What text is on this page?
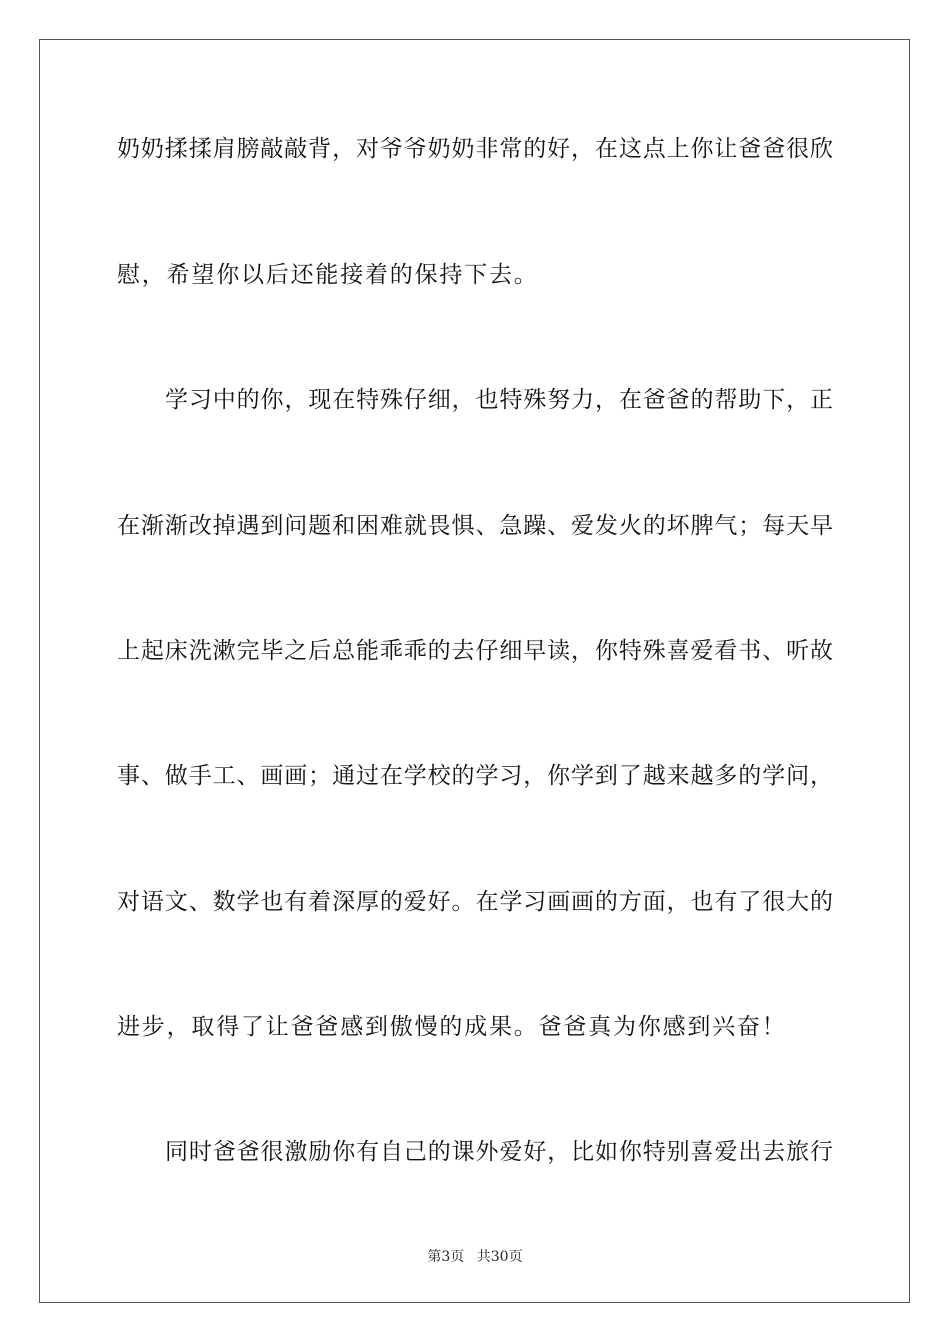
奶奶揉揉肩膀敲敲背，对爷爷奶奶非常的好，在这点上你让爸爸很欣
慰，希望你以后还能接着的保持下去。
学习中的你，现在特殊仔细，也特殊努力，在爸爸的帮助下，正
在渐渐改掉遇到问题和困难就畏惧、急躁、爱发火的坏脾气；每天早
上起床洗漱完毕之后总能乖乖的去仔细早读，你特殊喜爱看书、听故
事、做手工、画画；通过在学校的学习，你学到了越来越多的学问，
对语文、数学也有着深厚的爱好。在学习画画的方面，也有了很大的
进步，取得了让爸爸感到傲慢的成果。爸爸真为你感到兴奋！
同时爸爸很激励你有自己的课外爱好，比如你特别喜爱出去旅行
第3页 共30页
